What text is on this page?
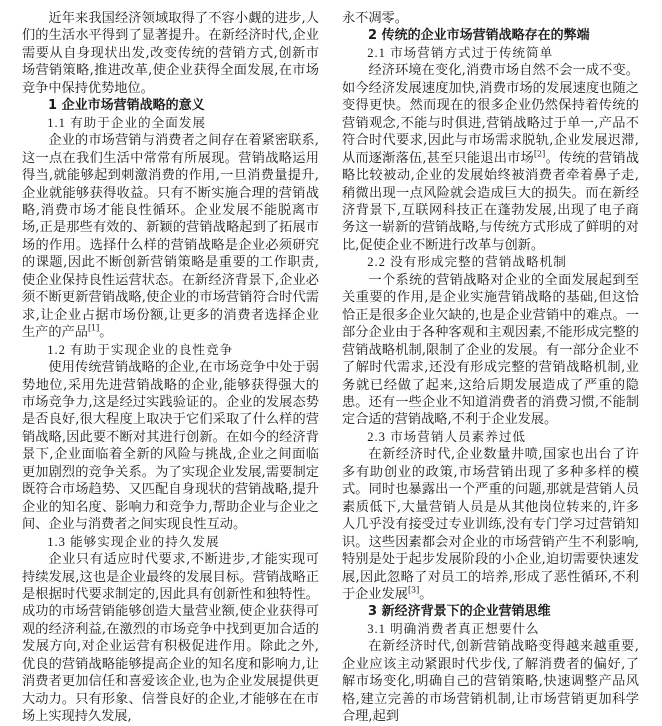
近年来我国经济领域取得了不容小觑的进步,人们的生活水平得到了显著提升。在新经济时代,企业需要从自身现状出发,改变传统的营销方式,创新市场营销策略,推进改革,使企业获得全面发展,在市场竞争中保持优势地位。

1 企业市场营销战略的意义
1.1 有助于企业的全面发展

企业的市场营销与消费者之间存在着紧密联系,这一点在我们生活中常常有所展现。营销战略运用得当,就能够起到刺激消费的作用,一旦消费量提升,企业就能够获得收益。只有不断实施合理的营销战略,消费市场才能良性循环。企业发展不能脱离市场,正是那些有效的、新颖的营销战略起到了拓展市场的作用。选择什么样的营销战略是企业必须研究的课题,因此不断创新营销策略是重要的工作职责,使企业保持良性运营状态。在新经济背景下,企业必须不断更新营销战略,使企业的市场营销符合时代需求,让企业占据市场份额,让更多的消费者选择企业生产的产品[1]。

1.2 有助于实现企业的良性竞争

使用传统营销战略的企业,在市场竞争中处于弱势地位,采用先进营销战略的企业,能够获得强大的市场竞争力,这是经过实践验证的。企业的发展态势是否良好,很大程度上取决于它们采取了什么样的营销战略,因此要不断对其进行创新。在如今的经济背景下,企业面临着全新的风险与挑战,企业之间面临更加剧烈的竞争关系。为了实现企业发展,需要制定既符合市场趋势、又匹配自身现状的营销战略,提升企业的知名度、影响力和竞争力,帮助企业与企业之间、企业与消费者之间实现良性互动。

1.3 能够实现企业的持久发展

企业只有适应时代要求,不断进步,才能实现可持续发展,这也是企业最终的发展目标。营销战略正是根据时代要求制定的,因此具有创新性和独特性。成功的市场营销能够创造大量营业额,使企业获得可观的经济利益,在激烈的市场竞争中找到更加合适的发展方向,对企业运营有积极促进作用。除此之外,优良的营销战略能够提高企业的知名度和影响力,让消费者更加信任和喜爱该企业,也为企业发展提供更大动力。只有形象、信誉良好的企业,才能够在在市场上实现持久发展,

永不凋零。

2 传统的企业市场营销战略存在的弊端
2.1 市场营销方式过于传统简单

经济环境在变化,消费市场自然不会一成不变。如今经济发展速度加快,消费市场的发展速度也随之变得更快。然而现在的很多企业仍然保持着传统的营销观念,不能与时俱进,营销战略过于单一,产品不符合时代要求,因此与市场需求脱轨,企业发展迟滞,从而逐渐落伍,甚至只能退出市场[2]。传统的营销战略比较被动,企业的发展始终被消费者牵着鼻子走,稍微出现一点风险就会造成巨大的损失。而在新经济背景下,互联网科技正在蓬勃发展,出现了电子商务这一崭新的营销战略,与传统方式形成了鲜明的对比,促使企业不断进行改革与创新。

2.2 没有形成完整的营销战略机制

一个系统的营销战略对企业的全面发展起到至关重要的作用,是企业实施营销战略的基础,但这恰恰正是很多企业欠缺的,也是企业营销中的难点。一部分企业由于各种客观和主观因素,不能形成完整的营销战略机制,限制了企业的发展。有一部分企业不了解时代需求,还没有形成完整的营销战略机制,业务就已经做了起来,这给后期发展造成了严重的隐患。还有一些企业不知道消费者的消费习惯,不能制定合适的营销战略,不利于企业发展。

2.3 市场营销人员素养过低

在新经济时代,企业数量井喷,国家也出台了许多有助创业的政策,市场营销出现了多种多样的模式。同时也暴露出一个严重的问题,那就是营销人员素质低下,大量营销人员是从其他岗位转来的,许多人几乎没有接受过专业训练,没有专门学习过营销知识。这些因素都会对企业的市场营销产生不利影响,特别是处于起步发展阶段的小企业,迫切需要快速发展,因此忽略了对员工的培养,形成了恶性循环,不利于企业发展[3]。

3 新经济背景下的企业营销思维
3.1 明确消费者真正想要什么

在新经济时代,创新营销战略变得越来越重要,企业应该主动紧跟时代步伐,了解消费者的偏好,了解市场变化,明确自己的营销策略,快速调整产品风格,建立完善的市场营销机制,让市场营销更加科学合理,起到
